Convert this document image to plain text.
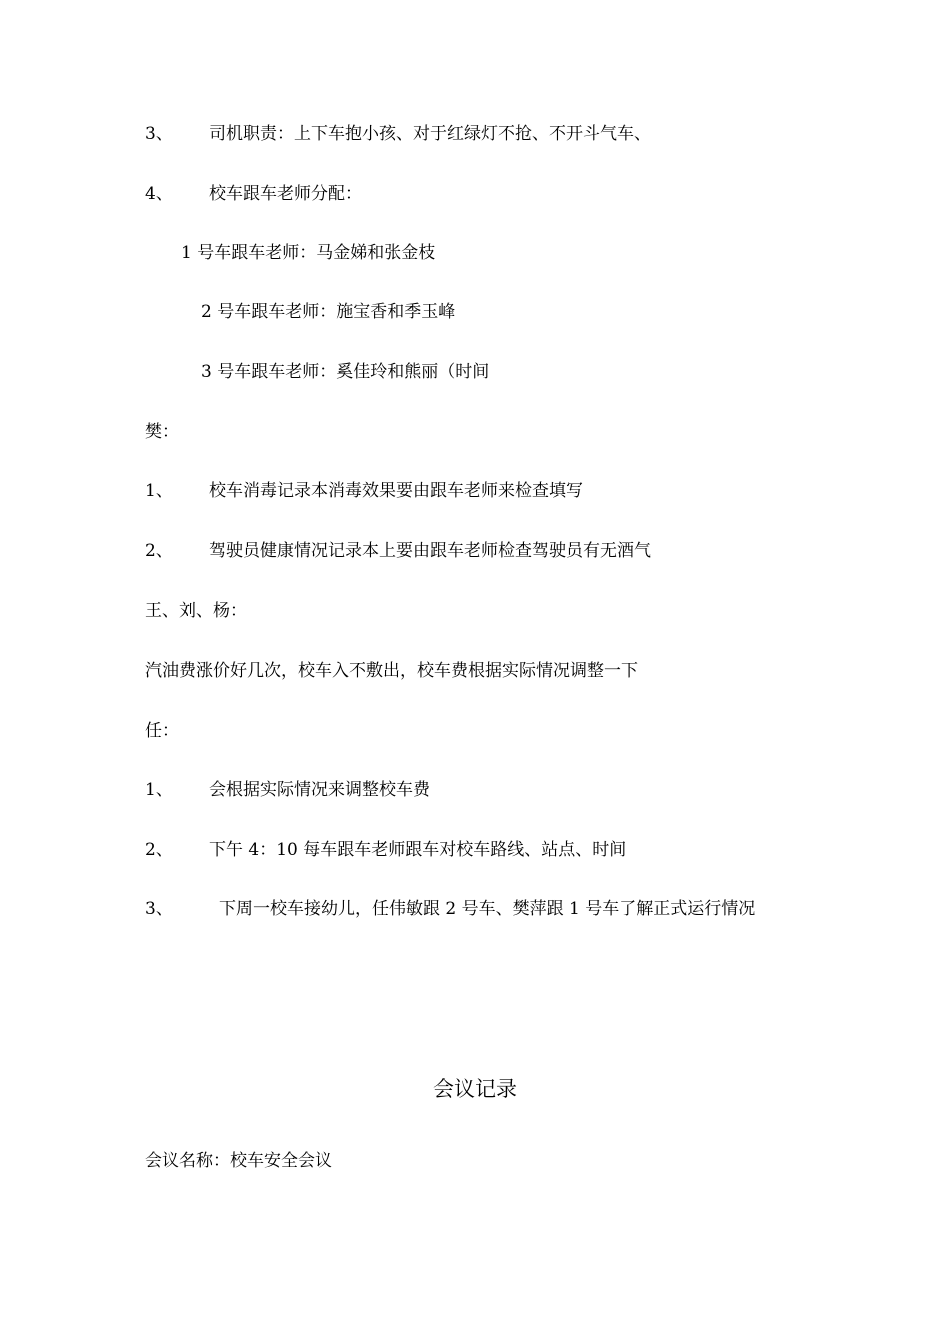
3、 司机职责：上下车抱小孩、对于红绿灯不抢、不开斗气车、
4、 校车跟车老师分配：
1 号车跟车老师：马金娣和张金枝
2 号车跟车老师：施宝香和季玉峰
3 号车跟车老师：奚佳玲和熊丽（时间
樊：
1、 校车消毒记录本消毒效果要由跟车老师来检查填写
2、 驾驶员健康情况记录本上要由跟车老师检查驾驶员有无酒气
王、刘、杨：
汽油费涨价好几次，校车入不敷出，校车费根据实际情况调整一下
任：
1、 会根据实际情况来调整校车费
2、 下午 4：10 每车跟车老师跟车对校车路线、站点、时间
3、	下周一校车接幼儿，任伟敏跟 2 号车、樊萍跟 1 号车了解正式运行情况
会议记录
会议名称：校车安全会议
